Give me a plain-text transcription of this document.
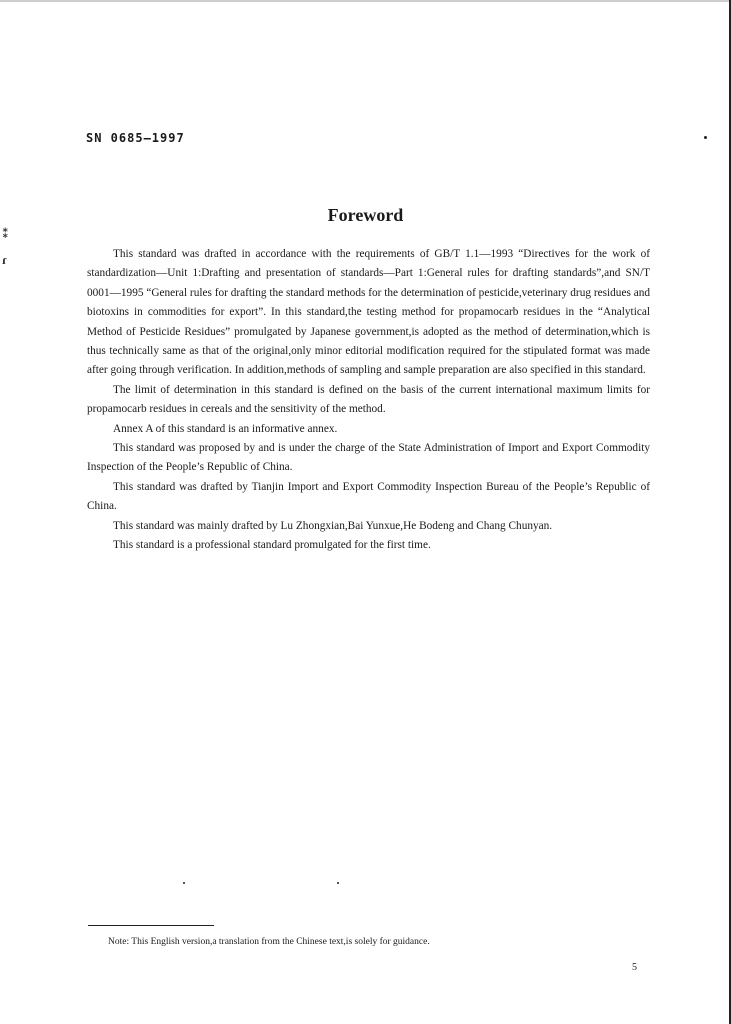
⁑
ɾ
SN 0685—1997
Foreword

This standard was drafted in accordance with the requirements of GB/T 1.1—1993 “Directives for the work of standardization—Unit 1:Drafting and presentation of standards—Part 1:General rules for drafting standards”,and SN/T 0001—1995 “General rules for drafting the standard methods for the determination of pesticide,veterinary drug residues and biotoxins in commodities for export”. In this standard,the testing method for propamocarb residues in the “Analytical Method of Pesticide Residues” promulgated by Japanese government,is adopted as the method of determination,which is thus technically same as that of the original,only minor editorial modification required for the stipulated format was made after going through verification. In addition,methods of sampling and sample preparation are also specified in this standard.

The limit of determination in this standard is defined on the basis of the current international maximum limits for propamocarb residues in cereals and the sensitivity of the method.

Annex A of this standard is an informative annex.

This standard was proposed by and is under the charge of the State Administration of Import and Export Commodity Inspection of the People’s Republic of China.

This standard was drafted by Tianjin Import and Export Commodity Inspection Bureau of the People’s Republic of China.

This standard was mainly drafted by Lu Zhongxian,Bai Yunxue,He Bodeng and Chang Chunyan.

This standard is a professional standard promulgated for the first time.

Note: This English version,a translation from the Chinese text,is solely for guidance.
5
